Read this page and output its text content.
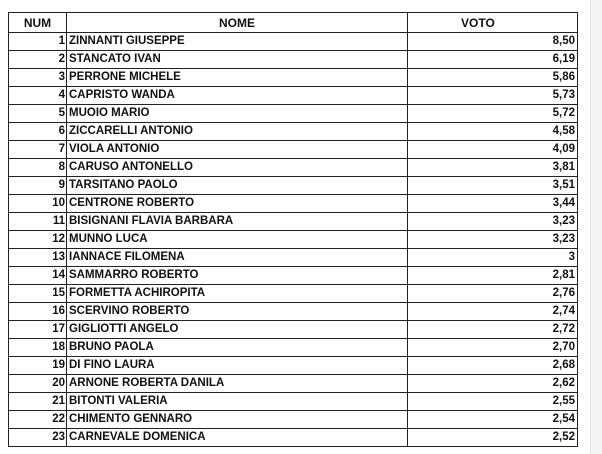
NUM	NOME	VOTO
1	ZINNANTI GIUSEPPE	8,50
2	STANCATO IVAN	6,19
3	PERRONE MICHELE	5,86
4	CAPRISTO WANDA	5,73
5	MUOIO MARIO	5,72
6	ZICCARELLI ANTONIO	4,58
7	VIOLA ANTONIO	4,09
8	CARUSO ANTONELLO	3,81
9	TARSITANO PAOLO	3,51
10	CENTRONE ROBERTO	3,44
11	BISIGNANI FLAVIA BARBARA	3,23
12	MUNNO LUCA	3,23
13	IANNACE FILOMENA	3
14	SAMMARRO ROBERTO	2,81
15	FORMETTA ACHIROPITA	2,76
16	SCERVINO ROBERTO	2,74
17	GIGLIOTTI ANGELO	2,72
18	BRUNO PAOLA	2,70
19	DI FINO LAURA	2,68
20	ARNONE ROBERTA DANILA	2,62
21	BITONTI VALERIA	2,55
22	CHIMENTO GENNARO	2,54
23	CARNEVALE DOMENICA	2,52
